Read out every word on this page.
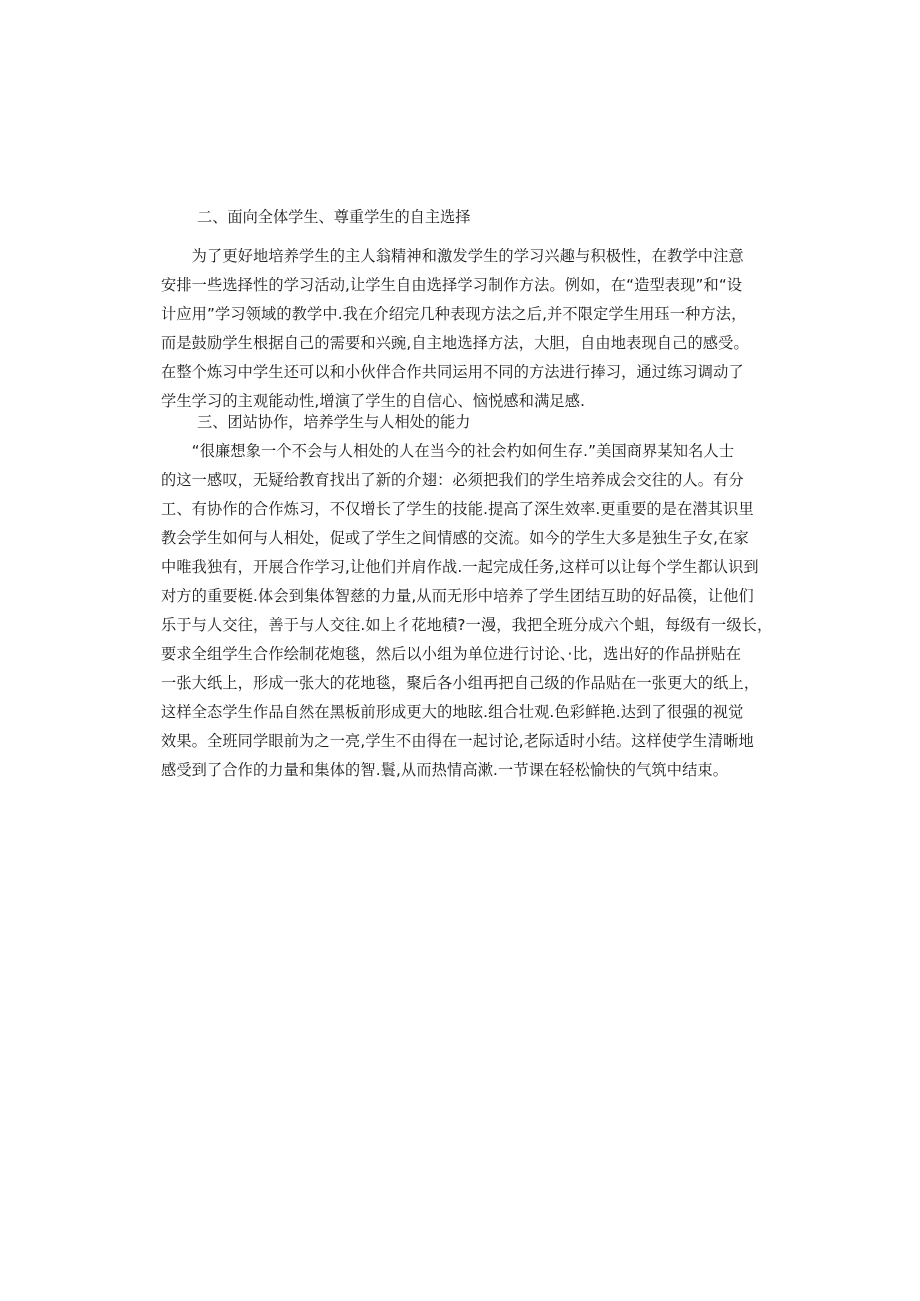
二、面向全体学生、尊重学生的自主选择
　　为了更好地培养学生的主人翁精神和激发学生的学习兴趣与积极性，在教学中注意
安排一些选择性的学习活动,让学生自由选择学习制作方法。例如，在“造型表现”和“设
计应用”学习领域的教学中.我在介绍完几种表现方法之后,并不限定学生用珏一种方法，
而是鼓励学生根据自己的需要和兴豌,自主地选择方法，大胆，自由地表现自己的感受。
在整个炼习中学生还可以和小伙伴合作共同运用不同的方法进行捧习，通过练习调动了
学生学习的主观能动性,增演了学生的自信心、恼悦感和满足感.
三、团站协作，培养学生与人相处的能力
　　“很廉想象一个不会与人相处的人在当今的社会杓如何生存.”美国商界某知名人士
的这一感叹，无疑给教育找出了新的介翅：必须把我们的学生培养成会交往的人。有分
工、有协作的合作炼习，不仅增长了学生的技能.提高了深生效率.更重要的是在潜其识里
教会学生如何与人相处，促或了学生之间情感的交流。如今的学生大多是独生子女,在家
中唯我独有，开展合作学习,让他们并肩作战.一起完成任务,这样可以让每个学生都认识到
对方的重要梃.体会到集体智慈的力量,从而无形中培养了学生团结互助的好品篌，让他们
乐于与人交往，善于与人交往.如上彳花地積?一漫，我把全班分成六个蛆，每级有一级长，
要求全组学生合作绘制花炮毯，然后以小组为单位进行讨论、·比，选出好的作品拼贴在
一张大纸上，形成一张大的花地毯，聚后各小组再把自己级的作品贴在一张更大的纸上，
这样全态学生作品自然在黑板前形成更大的地眩.组合壮观.色彩鲜艳.达到了很强的视觉
效果。全班同学眼前为之一亮,学生不由得在一起讨论,老际适时小结。这样使学生清晰地
感受到了合作的力量和集体的智.鬟,从而热情高漱.一节课在轻松愉快的气筑中结束。
